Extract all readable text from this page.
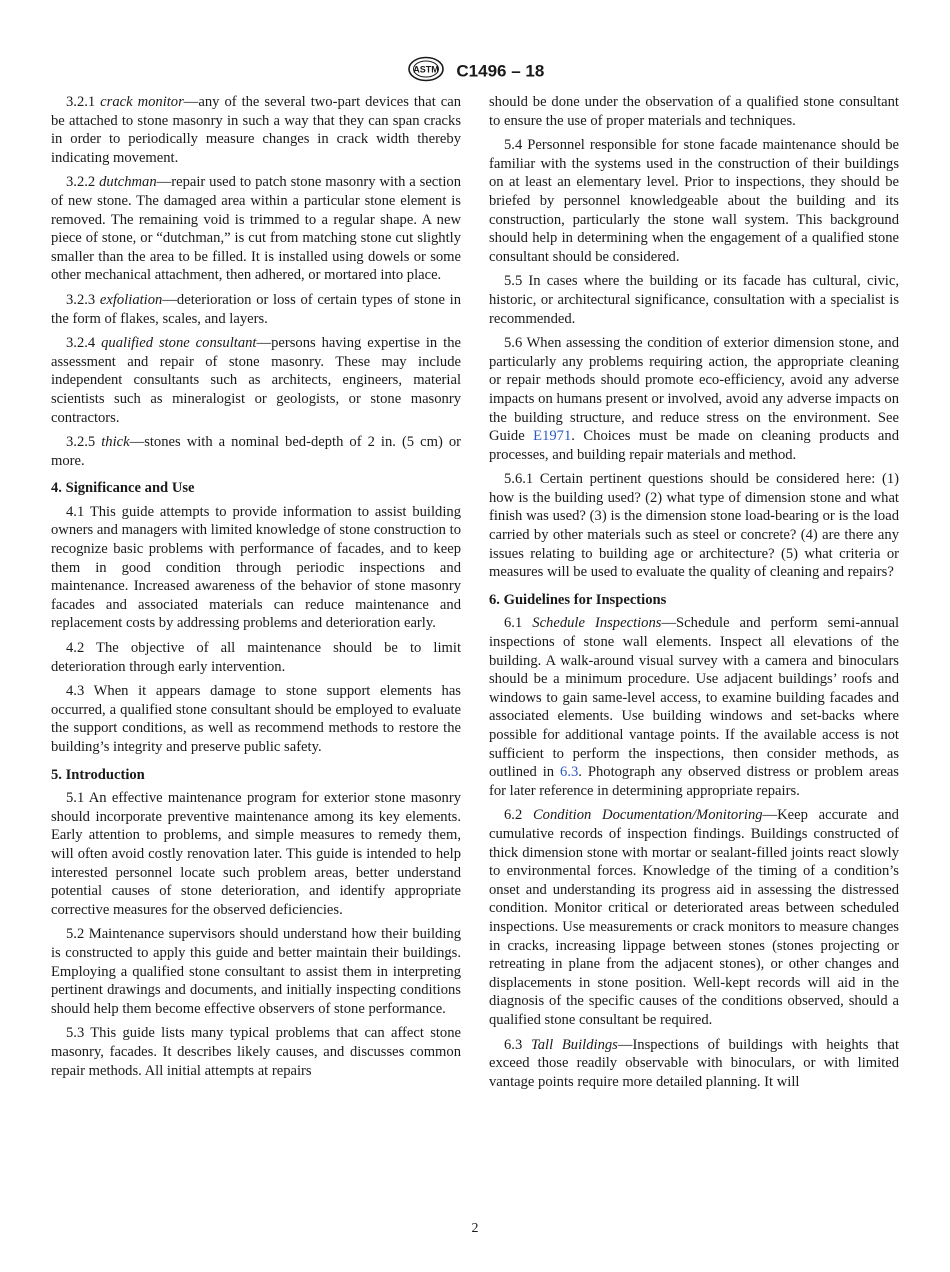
ASTM C1496 – 18

3.2.1 crack monitor—any of the several two-part devices that can be attached to stone masonry in such a way that they can span cracks in order to periodically measure changes in crack width thereby indicating movement.

3.2.2 dutchman—repair used to patch stone masonry with a section of new stone. The damaged area within a particular stone element is removed. The remaining void is trimmed to a regular shape. A new piece of stone, or “dutchman,” is cut from matching stone cut slightly smaller than the area to be filled. It is installed using dowels or some other mechanical attachment, then adhered, or mortared into place.

3.2.3 exfoliation—deterioration or loss of certain types of stone in the form of flakes, scales, and layers.

3.2.4 qualified stone consultant—persons having expertise in the assessment and repair of stone masonry. These may include independent consultants such as architects, engineers, material scientists such as mineralogist or geologists, or stone masonry contractors.

3.2.5 thick—stones with a nominal bed-depth of 2 in. (5 cm) or more.

4. Significance and Use

4.1 This guide attempts to provide information to assist building owners and managers with limited knowledge of stone construction to recognize basic problems with performance of facades, and to keep them in good condition through periodic inspections and maintenance. Increased awareness of the behavior of stone masonry facades and associated materials can reduce maintenance and replacement costs by addressing problems and deterioration early.

4.2 The objective of all maintenance should be to limit deterioration through early intervention.

4.3 When it appears damage to stone support elements has occurred, a qualified stone consultant should be employed to evaluate the support conditions, as well as recommend methods to restore the building’s integrity and preserve public safety.

5. Introduction

5.1 An effective maintenance program for exterior stone masonry should incorporate preventive maintenance among its key elements. Early attention to problems, and simple measures to remedy them, will often avoid costly renovation later. This guide is intended to help interested personnel locate such problem areas, better understand potential causes of stone deterioration, and identify appropriate corrective measures for the observed deficiencies.

5.2 Maintenance supervisors should understand how their building is constructed to apply this guide and better maintain their buildings. Employing a qualified stone consultant to assist them in interpreting pertinent drawings and documents, and initially inspecting conditions should help them become effective observers of stone performance.

5.3 This guide lists many typical problems that can affect stone masonry, facades. It describes likely causes, and discusses common repair methods. All initial attempts at repairs

should be done under the observation of a qualified stone consultant to ensure the use of proper materials and techniques.

5.4 Personnel responsible for stone facade maintenance should be familiar with the systems used in the construction of their buildings on at least an elementary level. Prior to inspections, they should be briefed by personnel knowledgeable about the building and its construction, particularly the stone wall system. This background should help in determining when the engagement of a qualified stone consultant should be considered.

5.5 In cases where the building or its facade has cultural, civic, historic, or architectural significance, consultation with a specialist is recommended.

5.6 When assessing the condition of exterior dimension stone, and particularly any problems requiring action, the appropriate cleaning or repair methods should promote eco-efficiency, avoid any adverse impacts on humans present or involved, avoid any adverse impacts on the building structure, and reduce stress on the environment. See Guide E1971. Choices must be made on cleaning products and processes, and building repair materials and method.

5.6.1 Certain pertinent questions should be considered here: (1) how is the building used? (2) what type of dimension stone and what finish was used? (3) is the dimension stone load-bearing or is the load carried by other materials such as steel or concrete? (4) are there any issues relating to building age or architecture? (5) what criteria or measures will be used to evaluate the quality of cleaning and repairs?

6. Guidelines for Inspections

6.1 Schedule Inspections—Schedule and perform semi-annual inspections of stone wall elements. Inspect all elevations of the building. A walk-around visual survey with a camera and binoculars should be a minimum procedure. Use adjacent buildings’ roofs and windows to gain same-level access, to examine building facades and associated elements. Use building windows and set-backs where possible for additional vantage points. If the available access is not sufficient to perform the inspections, then consider methods, as outlined in 6.3. Photograph any observed distress or problem areas for later reference in determining appropriate repairs.

6.2 Condition Documentation/Monitoring—Keep accurate and cumulative records of inspection findings. Buildings constructed of thick dimension stone with mortar or sealant-filled joints react slowly to environmental forces. Knowledge of the timing of a condition’s onset and understanding its progress aid in assessing the distressed condition. Monitor critical or deteriorated areas between scheduled inspections. Use measurements or crack monitors to measure changes in cracks, increasing lippage between stones (stones projecting or retreating in plane from the adjacent stones), or other changes and displacements in stone position. Well-kept records will aid in the diagnosis of the specific causes of the conditions observed, should a qualified stone consultant be required.

6.3 Tall Buildings—Inspections of buildings with heights that exceed those readily observable with binoculars, or with limited vantage points require more detailed planning. It will

2
